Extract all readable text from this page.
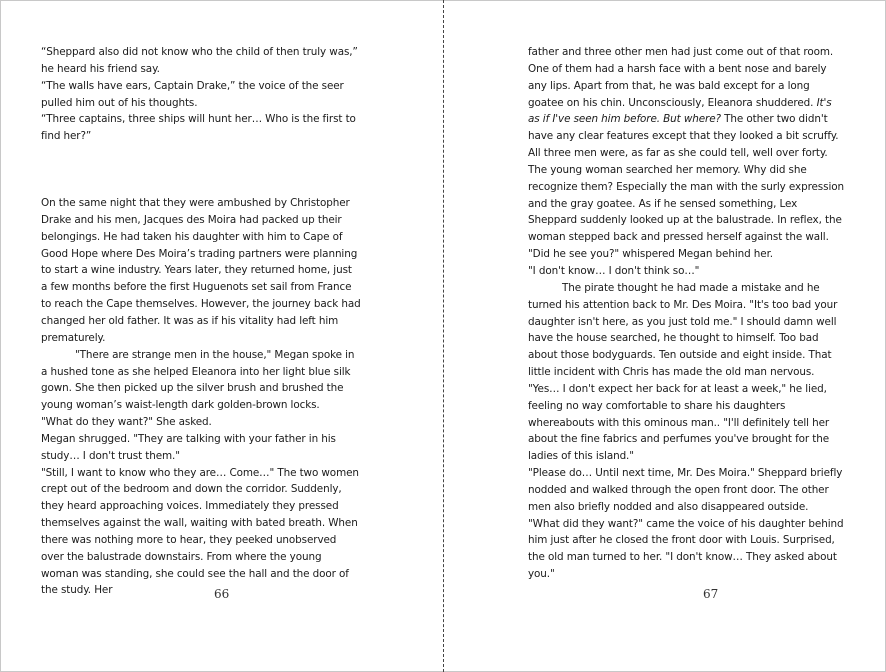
“Sheppard also did not know who the child of then truly was,” he heard his friend say.

“The walls have ears, Captain Drake,” the voice of the seer pulled him out of his thoughts.

“Three captains, three ships will hunt her… Who is the first to find her?”

On the same night that they were ambushed by Christopher Drake and his men, Jacques des Moira had packed up their belongings. He had taken his daughter with him to Cape of Good Hope where Des Moira’s trading partners were planning to start a wine industry. Years later, they returned home, just a few months before the first Huguenots set sail from France to reach the Cape themselves. However, the journey back had changed her old father. It was as if his vitality had left him prematurely.

"There are strange men in the house," Megan spoke in a hushed tone as she helped Eleanora into her light blue silk gown. She then picked up the silver brush and brushed the young woman’s waist-length dark golden-brown locks.

"What do they want?" She asked.

Megan shrugged. "They are talking with your father in his study… I don't trust them."

"Still, I want to know who they are… Come…" The two women crept out of the bedroom and down the corridor. Suddenly, they heard approaching voices. Immediately they pressed themselves against the wall, waiting with bated breath. When there was nothing more to hear, they peeked unobserved over the balustrade downstairs. From where the young woman was standing, she could see the hall and the door of the study. Her	66

father and three other men had just come out of that room. One of them had a harsh face with a bent nose and barely any lips. Apart from that, he was bald except for a long goatee on his chin. Unconsciously, Eleanora shuddered. It's as if I've seen him before. But where? The other two didn't have any clear features except that they looked a bit scruffy. All three men were, as far as she could tell, well over forty. The young woman searched her memory. Why did she recognize them? Especially the man with the surly expression and the gray goatee. As if he sensed something, Lex Sheppard suddenly looked up at the balustrade. In reflex, the woman stepped back and pressed herself against the wall.

"Did he see you?" whispered Megan behind her.

"I don't know… I don't think so…"

The pirate thought he had made a mistake and he turned his attention back to Mr. Des Moira. "It's too bad your daughter isn't here, as you just told me." I should damn well have the house searched, he thought to himself. Too bad about those bodyguards. Ten outside and eight inside. That little incident with Chris has made the old man nervous.

"Yes… I don't expect her back for at least a week," he lied, feeling no way comfortable to share his daughters whereabouts with this ominous man.. "I'll definitely tell her about the fine fabrics and perfumes you've brought for the ladies of this island."

"Please do… Until next time, Mr. Des Moira." Sheppard briefly nodded and walked through the open front door. The other men also briefly nodded and also disappeared outside.

"What did they want?" came the voice of his daughter behind him just after he closed the front door with Louis. Surprised, the old man turned to her. "I don't know… They asked about you."

67
